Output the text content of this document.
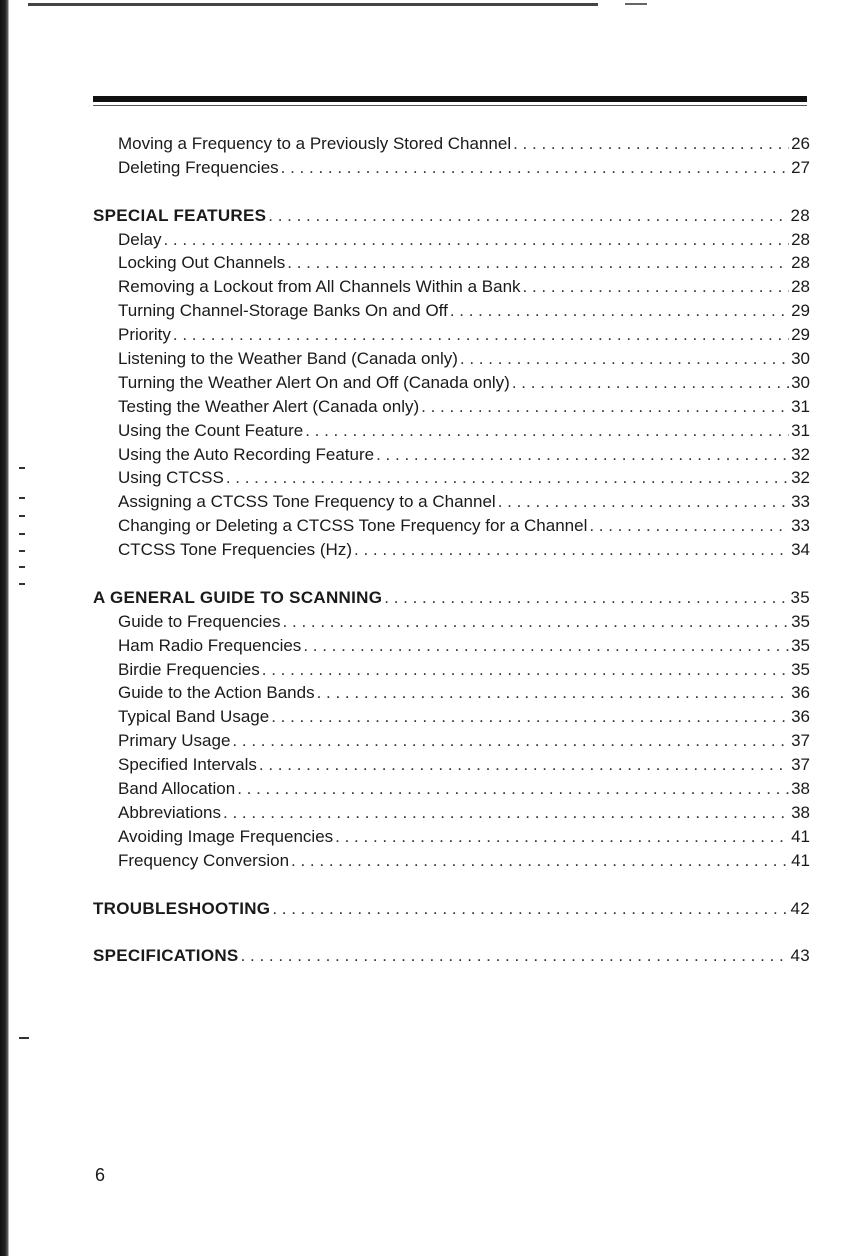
Moving a Frequency to a Previously Stored Channel . . .	26
Deleting Frequencies . . .	27
SPECIAL FEATURES . . .	28
Delay . . .	28
Locking Out Channels . . .	28
Removing a Lockout from All Channels Within a Bank . . .	28
Turning Channel-Storage Banks On and Off . . .	29
Priority . . .	29
Listening to the Weather Band (Canada only) . . .	30
Turning the Weather Alert On and Off (Canada only) . . .	30
Testing the Weather Alert (Canada only) . . .	31
Using the Count Feature . . .	31
Using the Auto Recording Feature . . .	32
Using CTCSS . . .	32
Assigning a CTCSS Tone Frequency to a Channel . . .	33
Changing or Deleting a CTCSS Tone Frequency for a Channel . . .	33
CTCSS Tone Frequencies (Hz) . . .	34
A GENERAL GUIDE TO SCANNING . . .	35
Guide to Frequencies . . .	35
Ham Radio Frequencies . . .	35
Birdie Frequencies . . .	35
Guide to the Action Bands . . .	36
Typical Band Usage . . .	36
Primary Usage . . .	37
Specified Intervals . . .	37
Band Allocation . . .	38
Abbreviations . . .	38
Avoiding Image Frequencies . . .	41
Frequency Conversion . . .	41
TROUBLESHOOTING . . .	42
SPECIFICATIONS . . .	43
6
